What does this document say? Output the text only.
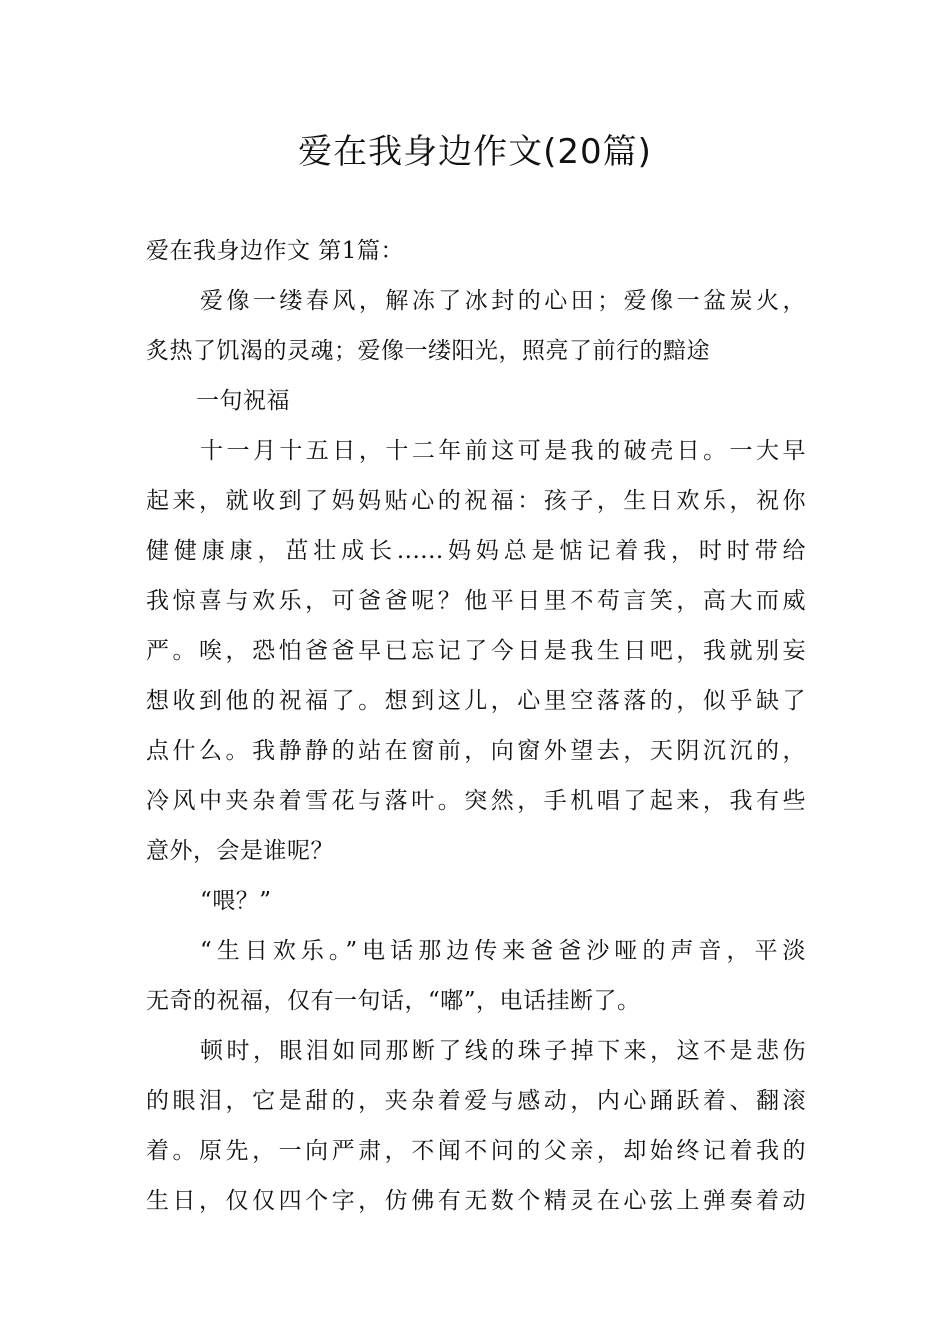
爱在我身边作文(20篇)

爱在我身边作文 第1篇：

爱像一缕春风，解冻了冰封的心田；爱像一盆炭火，

炙热了饥渴的灵魂；爱像一缕阳光，照亮了前行的黯途

一句祝福

十一月十五日，十二年前这可是我的破壳日。一大早

起来，就收到了妈妈贴心的祝福：孩子，生日欢乐，祝你

健健康康，茁壮成长......妈妈总是惦记着我，时时带给

我惊喜与欢乐，可爸爸呢？他平日里不苟言笑，高大而威

严。唉，恐怕爸爸早已忘记了今日是我生日吧，我就别妄

想收到他的祝福了。想到这儿，心里空落落的，似乎缺了

点什么。我静静的站在窗前，向窗外望去，天阴沉沉的，

冷风中夹杂着雪花与落叶。突然，手机唱了起来，我有些

意外，会是谁呢？

“喂？”

“生日欢乐。”电话那边传来爸爸沙哑的声音，平淡

无奇的祝福，仅有一句话，“嘟”，电话挂断了。

顿时，眼泪如同那断了线的珠子掉下来，这不是悲伤

的眼泪，它是甜的，夹杂着爱与感动，内心踊跃着、翻滚

着。原先，一向严肃，不闻不问的父亲，却始终记着我的

生日，仅仅四个字，仿佛有无数个精灵在心弦上弹奏着动
